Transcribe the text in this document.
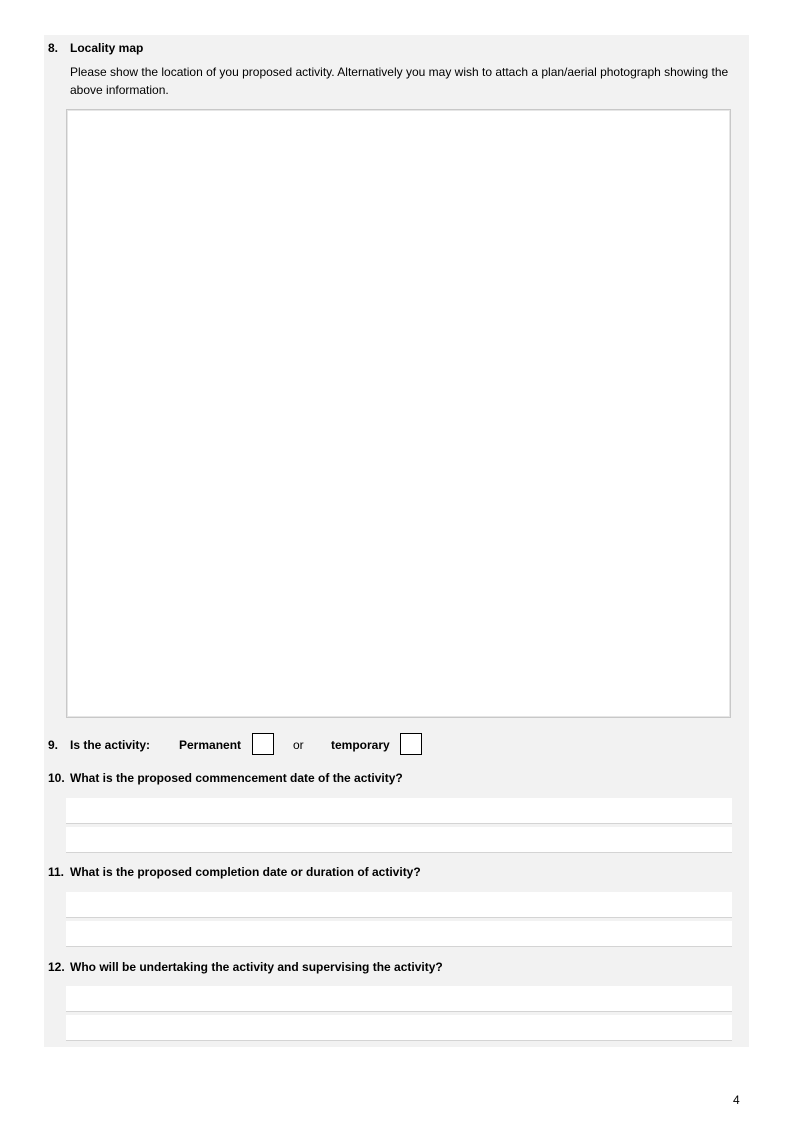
8. Locality map
Please show the location of you proposed activity. Alternatively you may wish to attach a plan/aerial photograph showing the above information.
9. Is the activity: Permanent	or temporary
10. What is the proposed commencement date of the activity?
11. What is the proposed completion date or duration of activity?
12. Who will be undertaking the activity and supervising the activity?
4
